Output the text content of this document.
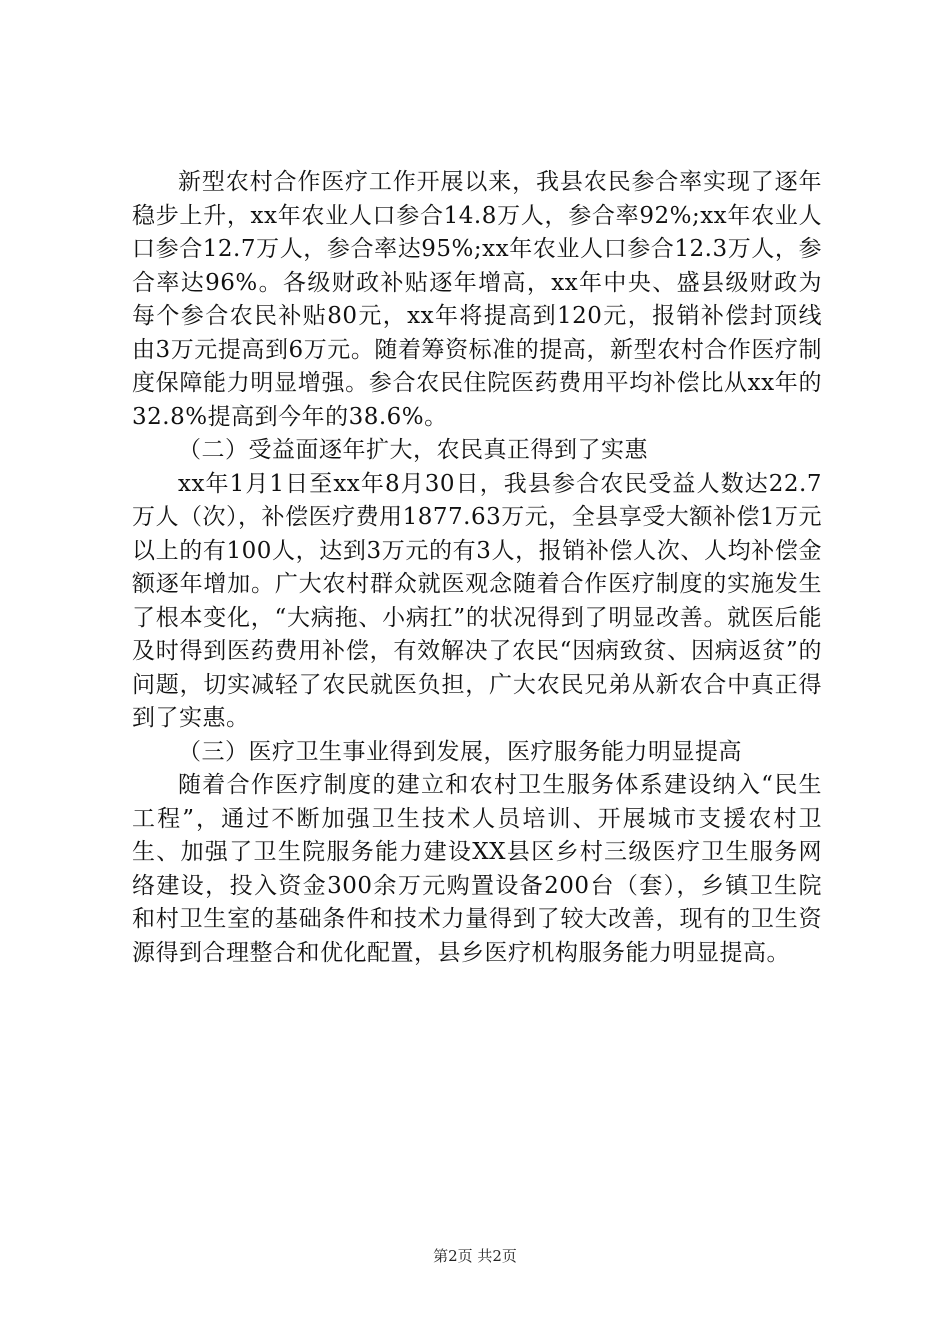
新型农村合作医疗工作开展以来，我县农民参合率实现了逐年稳步上升，xx年农业人口参合14.8万人，参合率92%;xx年农业人口参合12.7万人，参合率达95%;xx年农业人口参合12.3万人，参合率达96%。各级财政补贴逐年增高，xx年中央、盛县级财政为每个参合农民补贴80元，xx年将提高到120元，报销补偿封顶线由3万元提高到6万元。随着筹资标准的提高，新型农村合作医疗制度保障能力明显增强。参合农民住院医药费用平均补偿比从xx年的32.8%提高到今年的38.6%。

（二）受益面逐年扩大，农民真正得到了实惠

xx年1月1日至xx年8月30日，我县参合农民受益人数达22.7万人（次），补偿医疗费用1877.63万元，全县享受大额补偿1万元以上的有100人，达到3万元的有3人，报销补偿人次、人均补偿金额逐年增加。广大农村群众就医观念随着合作医疗制度的实施发生了根本变化，“大病拖、小病扛”的状况得到了明显改善。就医后能及时得到医药费用补偿，有效解决了农民“因病致贫、因病返贫”的问题，切实减轻了农民就医负担，广大农民兄弟从新农合中真正得到了实惠。

（三）医疗卫生事业得到发展，医疗服务能力明显提高

随着合作医疗制度的建立和农村卫生服务体系建设纳入“民生工程”，通过不断加强卫生技术人员培训、开展城市支援农村卫生、加强了卫生院服务能力建设XX县区乡村三级医疗卫生服务网络建设，投入资金300余万元购置设备200台（套），乡镇卫生院和村卫生室的基础条件和技术力量得到了较大改善，现有的卫生资源得到合理整合和优化配置，县乡医疗机构服务能力明显提高。

第2页 共2页
